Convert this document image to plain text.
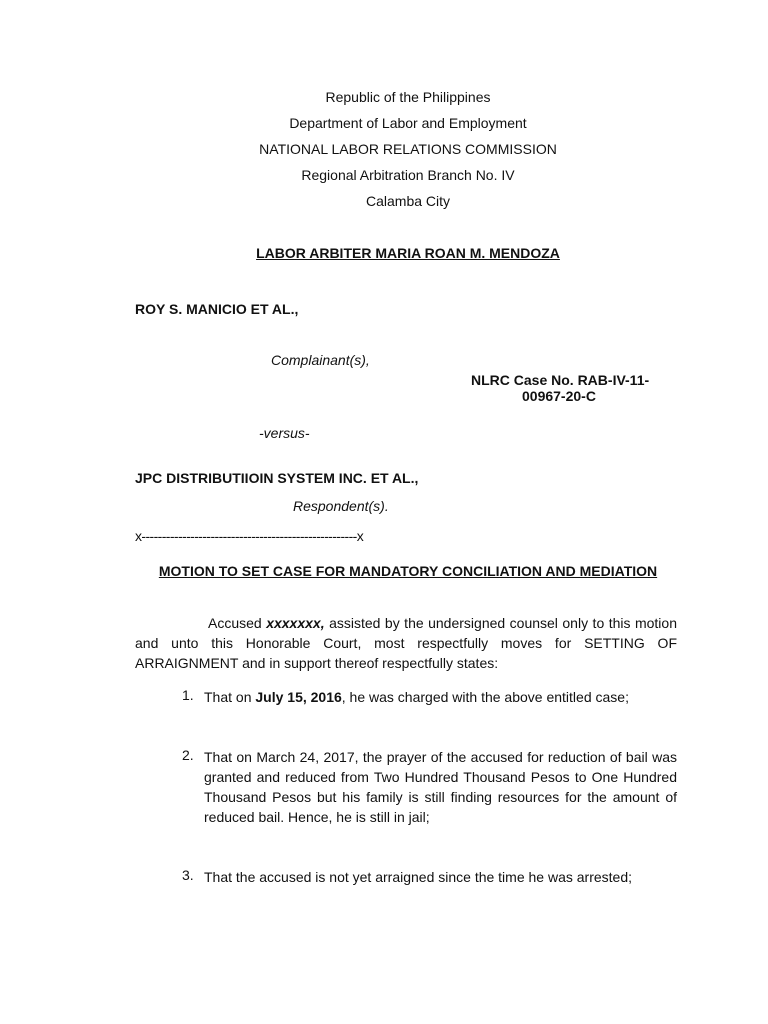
Republic of the Philippines
Department of Labor and Employment
NATIONAL LABOR RELATIONS COMMISSION
Regional Arbitration Branch No. IV
Calamba City
LABOR ARBITER MARIA ROAN M. MENDOZA
ROY S. MANICIO ET AL.,
Complainant(s),
NLRC Case No. RAB-IV-11-
00967-20-C
-versus-
JPC DISTRIBUTIIOIN SYSTEM INC. ET AL.,
Respondent(s).
x-----------------------------------------------------x
MOTION TO SET CASE FOR MANDATORY CONCILIATION AND MEDIATION
Accused xxxxxxx, assisted by the undersigned counsel only to this motion and unto this Honorable Court, most respectfully moves for SETTING OF ARRAIGNMENT and in support thereof respectfully states:
1. That on July 15, 2016, he was charged with the above entitled case;
2. That on March 24, 2017, the prayer of the accused for reduction of bail was granted and reduced from Two Hundred Thousand Pesos to One Hundred Thousand Pesos but his family is still finding resources for the amount of reduced bail. Hence, he is still in jail;
3. That the accused is not yet arraigned since the time he was arrested;
